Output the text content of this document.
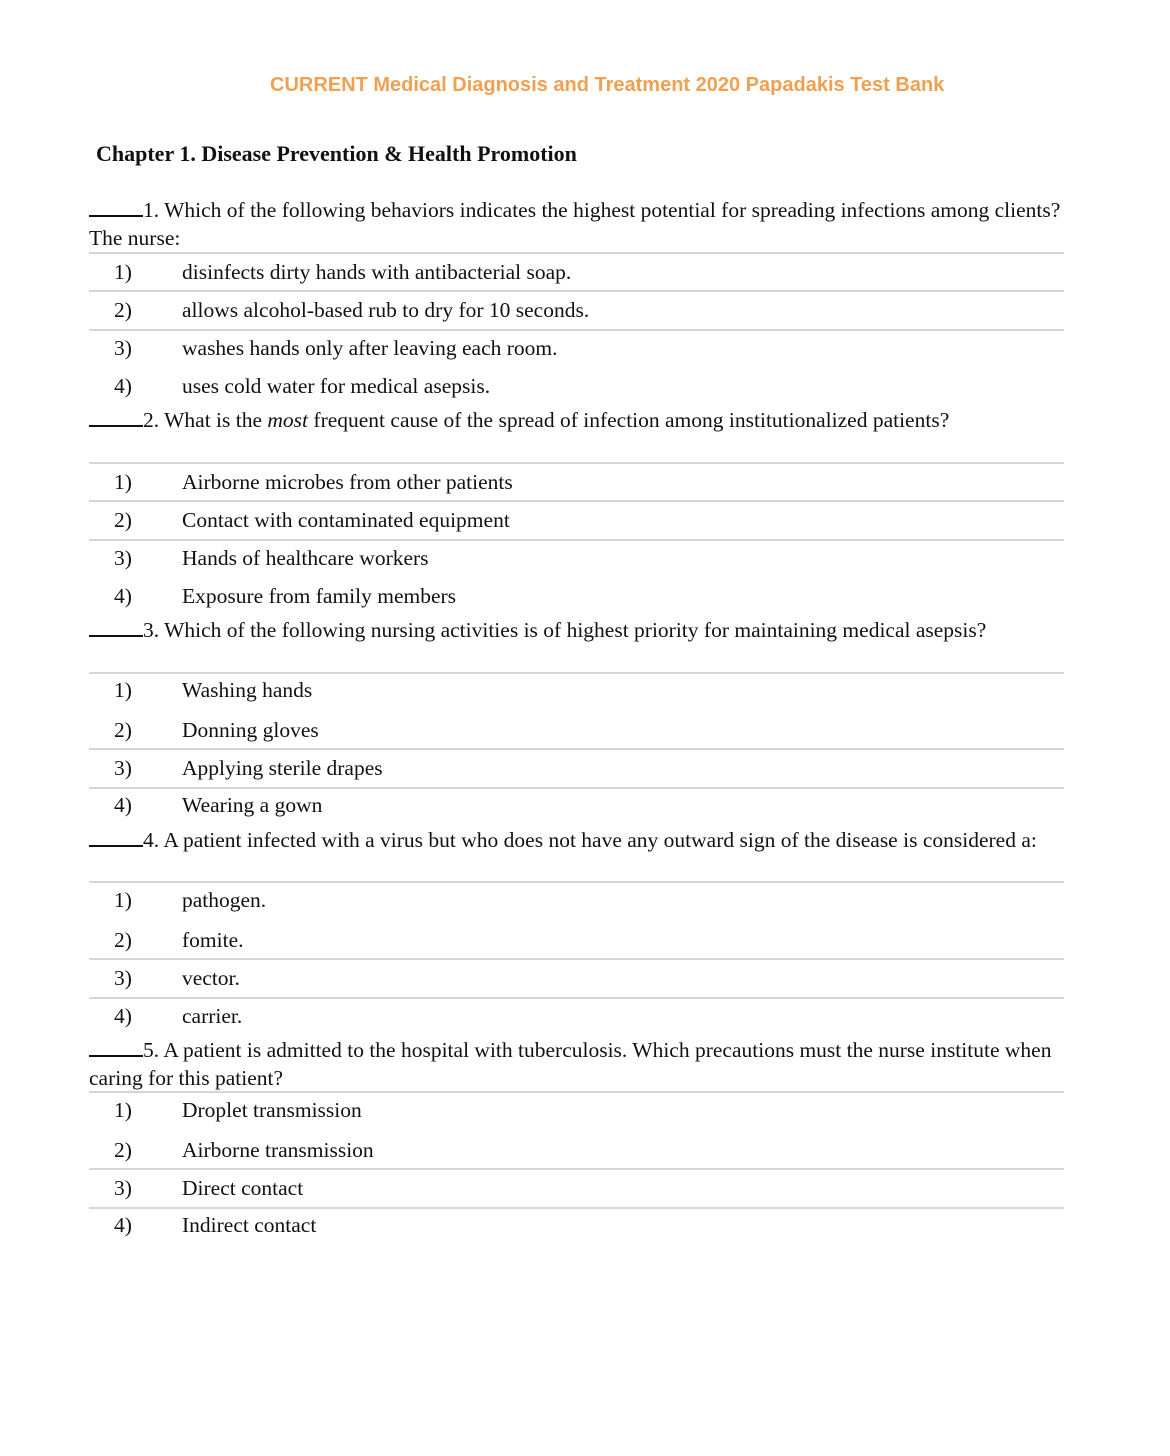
CURRENT Medical Diagnosis and Treatment 2020 Papadakis Test Bank
Chapter 1. Disease Prevention & Health Promotion
1. Which of the following behaviors indicates the highest potential for spreading infections among clients? The nurse:
1) disinfects dirty hands with antibacterial soap.
2) allows alcohol-based rub to dry for 10 seconds.
3) washes hands only after leaving each room.
4) uses cold water for medical asepsis.
2. What is the most frequent cause of the spread of infection among institutionalized patients?
1) Airborne microbes from other patients
2) Contact with contaminated equipment
3) Hands of healthcare workers
4) Exposure from family members
3. Which of the following nursing activities is of highest priority for maintaining medical asepsis?
1) Washing hands
2) Donning gloves
3) Applying sterile drapes
4) Wearing a gown
4. A patient infected with a virus but who does not have any outward sign of the disease is considered a:
1) pathogen.
2) fomite.
3) vector.
4) carrier.
5. A patient is admitted to the hospital with tuberculosis. Which precautions must the nurse institute when caring for this patient?
1) Droplet transmission
2) Airborne transmission
3) Direct contact
4) Indirect contact
